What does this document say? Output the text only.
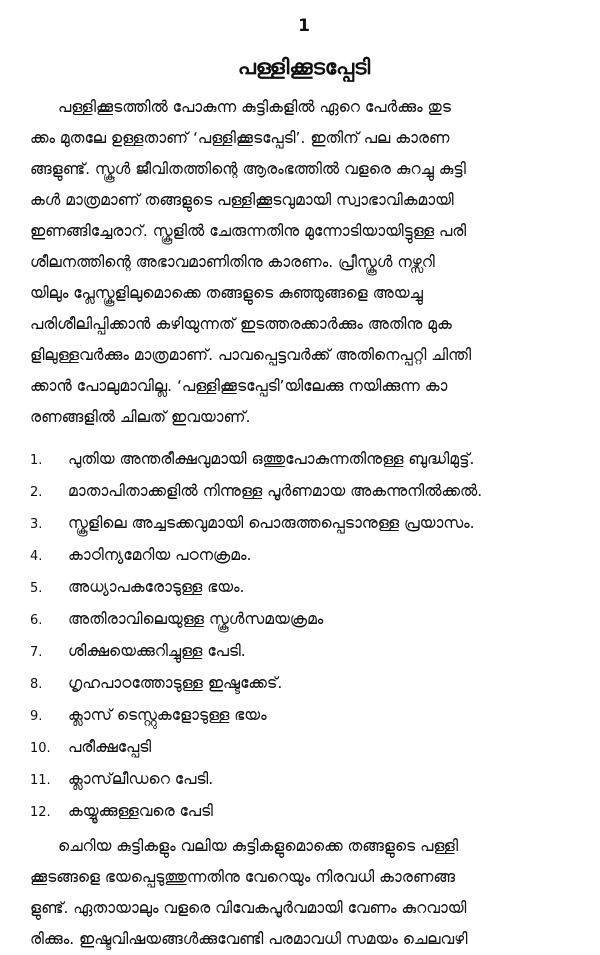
1
പള്ളിക്കൂടപ്പേടി
പള്ളിക്കൂടത്തിൽ പോകുന്ന കുട്ടികളിൽ ഏറെ പേർക്കും തുട
ക്കം മുതലേ ഉള്ളതാണ് ‘പള്ളിക്കൂടപ്പേടി’. ഇതിന് പല കാരണ
ങ്ങളുണ്ട്. സ്കൂൾ ജീവിതത്തിന്റെ ആരംഭത്തിൽ വളരെ കുറച്ചു കുട്ടി
കൾ മാത്രമാണ് തങ്ങളുടെ പള്ളിക്കൂടവുമായി സ്വാഭാവികമായി
ഇണങ്ങിച്ചേരാറ്. സ്കൂളിൽ ചേരുന്നതിനു മുന്നോടിയായിട്ടുള്ള പരി
ശീലനത്തിന്റെ അഭാവമാണിതിനു കാരണം. പ്രീസ്കൂൾ നഴ്സറി
യിലും പ്ലേസ്കൂളിലുമൊക്കെ തങ്ങളുടെ കുഞ്ഞുങ്ങളെ അയച്ചു
പരിശീലിപ്പിക്കാൻ കഴിയുന്നത് ഇടത്തരക്കാർക്കും അതിനു മുക
ളിലുള്ളവർക്കും മാത്രമാണ്. പാവപ്പെട്ടവർക്ക് അതിനെപ്പറ്റി ചിന്തി
ക്കാൻ പോലുമാവില്ല. ‘പള്ളിക്കൂടപ്പേടി’യിലേക്കു നയിക്കുന്ന കാ
രണങ്ങളിൽ ചിലത് ഇവയാണ്.
1.	പുതിയ അന്തരീക്ഷവുമായി ഒത്തുപോകുന്നതിനുള്ള ബുദ്ധിമുട്ട്.
2.	മാതാപിതാക്കളിൽ നിന്നുള്ള പൂർണമായ അകന്നുനിൽക്കൽ.
3.	സ്കൂളിലെ അച്ചടക്കവുമായി പൊരുത്തപ്പെടാനുള്ള പ്രയാസം.
4.	കാഠിന്യമേറിയ പഠനക്രമം.
5.	അധ്യാപകരോടുള്ള ഭയം.
6.	അതിരാവിലെയുള്ള സ്കൂൾസമയക്രമം
7.	ശിക്ഷയെക്കുറിച്ചുള്ള പേടി.
8.	ഗൃഹപാഠത്തോടുള്ള ഇഷ്ടക്കേട്.
9.	ക്ലാസ് ടെസ്റ്റുകളോടുള്ള ഭയം
10.	പരീക്ഷപ്പേടി
11.	ക്ലാസ്‌ലീഡറെ പേടി.
12.	കയ്യൂക്കുള്ളവരെ പേടി
ചെറിയ കുട്ടികളും വലിയ കുട്ടികളുമൊക്കെ തങ്ങളുടെ പള്ളി
ക്കൂടങ്ങളെ ഭയപ്പെടുത്തുന്നതിനു വേറെയും നിരവധി കാരണങ്ങ
ളുണ്ട്. ഏതായാലും വളരെ വിവേകപൂർവമായി വേണം കുറവായി
രിക്കും. ഇഷ്ടവിഷയങ്ങൾക്കുവേണ്ടി പരമാവധി സമയം ചെലവഴി
